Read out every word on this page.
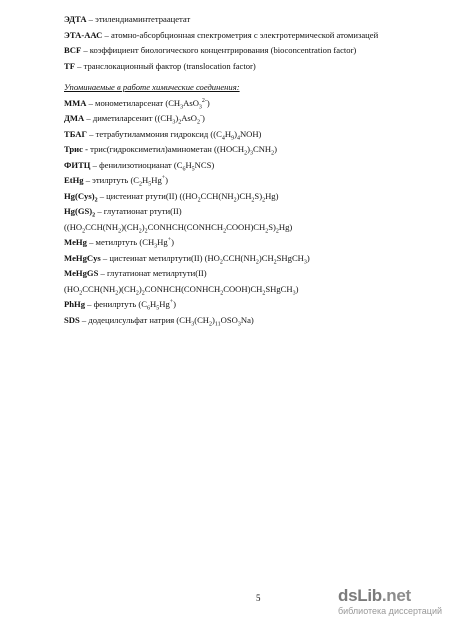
ЭДТА – этилендиаминтетраацетат
ЭТА-ААС – атомно-абсорбционная спектрометрия с электротермической атомизацей
BCF – коэффициент биологического концентрирования (bioconcentration factor)
TF – транслокационный фактор (translocation factor)
Упоминаемые в работе химические соединения:
ММА – монометиларсенат $(CH_3AsO_3^{2-})$
ДМА – диметиларсенит $((CH_3)_2AsO_2^-)$
ТБАГ – тетрабутиламмония гидроксид $((C_4H_9)_4NOH)$
Трис - трис(гидроксиметил)аминометан $((HOCH_2)_3CNH_2)$
ФИТЦ – фенилизотиоцианат $(C_6H_5NCS)$
EtHg – этилртуть $(C_2H_5Hg^+)$
$Hg(Cys)_2$ – цистеинат ртути(II) $((HO_2CCH(NH_2)CH_2S)_2Hg)$
$Hg(GS)_2$ – глутатионат ртути(II)
$((HO_2CCH(NH_2)(CH_2)_2CONHCH(CONHCH_2COOH)CH_2S)_2Hg)$
MeHg – метилртуть $(CH_3Hg^+)$
MeHgCys – цистеинат метилртути(II) $(HO_2CCH(NH_2)CH_2SHgCH_3)$
MeHgGS – глутатионат метилртути(II)
$(HO_2CCH(NH_2)(CH_2)_2CONHCH(CONHCH_2COOH)CH_2SHgCH_3)$
PhHg – фенилртуть $(C_6H_5Hg^+)$
SDS – додецилсульфат натрия $(CH_3(CH_2)_{11}OSO_3Na)$
5	dsLib.net
библиотека диссертаций
